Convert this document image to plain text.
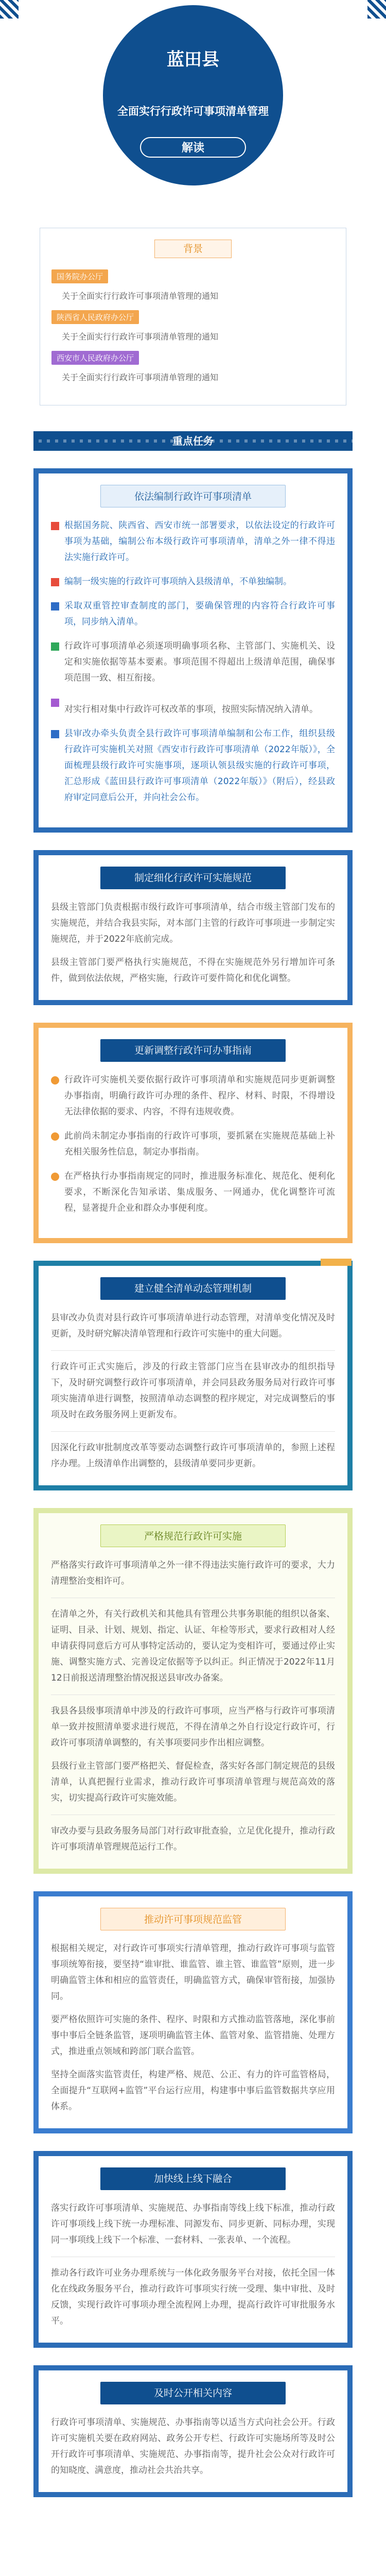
蓝田县
全面实行行政许可事项清单管理
解读
背景
国务院办公厅
关于全面实行行政许可事项清单管理的通知
陕西省人民政府办公厅
关于全面实行行政许可事项清单管理的通知
西安市人民政府办公厅
关于全面实行行政许可事项清单管理的通知
重点任务
依法编制行政许可事项清单
根据国务院、陕西省、西安市统一部署要求，以依法设定的行政许可事项为基础，编制公布本级行政许可事项清单，清单之外一律不得违法实施行政许可。
编制一级实施的行政许可事项纳入县级清单，不单独编制。
采取双重管控审查制度的部门，要确保管理的内容符合行政许可事项，同步纳入清单。
行政许可事项清单必须逐项明确事项名称、主管部门、实施机关、设定和实施依据等基本要素。事项范围不得超出上级清单范围，确保事项范围一致、相互衔接。
对实行相对集中行政许可权改革的事项，按照实际情况纳入清单。
县审改办牵头负责全县行政许可事项清单编制和公布工作，组织县级行政许可实施机关对照《西安市行政许可事项清单（2022年版）》，全面梳理县级行政许可实施事项，逐项认领县级实施的行政许可事项，汇总形成《蓝田县行政许可事项清单（2022年版）》（附后），经县政府审定同意后公开，并向社会公布。
制定细化行政许可实施规范
县级主管部门负责根据市级行政许可事项清单，结合市级主管部门发布的实施规范，并结合我县实际，对本部门主管的行政许可事项进一步制定实施规范，并于2022年底前完成。
县级主管部门要严格执行实施规范，不得在实施规范外另行增加许可条件，做到依法依规，严格实施，行政许可要件简化和优化调整。
更新调整行政许可办事指南
行政许可实施机关要依据行政许可事项清单和实施规范同步更新调整办事指南，明确行政许可办理的条件、程序、材料、时限，不得增设无法律依据的要求、内容，不得有违规收费。
此前尚未制定办事指南的行政许可事项，要抓紧在实施规范基础上补充相关服务性信息，制定办事指南。
在严格执行办事指南规定的同时，推进服务标准化、规范化、便利化要求，不断深化告知承诺、集成服务、一网通办，优化调整许可流程，显著提升企业和群众办事便利度。
建立健全清单动态管理机制
县审改办负责对县行政许可事项清单进行动态管理，对清单变化情况及时更新，及时研究解决清单管理和行政许可实施中的重大问题。
行政许可正式实施后，涉及的行政主管部门应当在县审改办的组织指导下，及时研究调整行政许可事项清单，并会同县政务服务局对行政许可事项实施清单进行调整，按照清单动态调整的程序规定，对完成调整后的事项及时在政务服务网上更新发布。
因深化行政审批制度改革等要动态调整行政许可事项清单的，参照上述程序办理。上级清单作出调整的，县级清单要同步更新。
严格规范行政许可实施
严格落实行政许可事项清单之外一律不得违法实施行政许可的要求，大力清理整治变相许可。
在清单之外，有关行政机关和其他具有管理公共事务职能的组织以备案、证明、目录、计划、规划、指定、认证、年检等形式，要求行政相对人经申请获得同意后方可从事特定活动的，要认定为变相许可，要通过停止实施、调整实施方式、完善设定依据等予以纠正。纠正情况于2022年11月12日前报送清理整治情况报送县审改办备案。
我县各县级事项清单中涉及的行政许可事项，应当严格与行政许可事项清单一致并按照清单要求进行规范，不得在清单之外自行设定行政许可，行政许可事项清单调整的，有关事项要同步作出相应调整。
县级行业主管部门要严格把关、督促检查，落实好各部门制定规范的县级清单，认真把握行业需求，推动行政许可事项清单管理与规范高效的落实，切实提高行政许可实施效能。
审改办要与县政务服务局部门对行政审批查验，立足优化提升，推动行政许可事项清单管理规范运行工作。
推动许可事项规范监管
根据相关规定，对行政许可事项实行清单管理，推动行政许可事项与监管事项统筹衔接，要坚持“谁审批、谁监管、谁主管、谁监管”原则，进一步明确监管主体和相应的监管责任，明确监管方式，确保审管衔接，加强协同。
要严格依照许可实施的条件、程序、时限和方式推动监管落地，深化事前事中事后全链条监管，逐项明确监管主体、监管对象、监管措施、处理方式，推进重点领域和跨部门联合监管。
坚持全面落实监管责任，构建严格、规范、公正、有力的许可监管格局，全面提升“互联网+监管”平台运行应用，构建事中事后监管数据共享应用体系。
加快线上线下融合
落实行政许可事项清单、实施规范、办事指南等线上线下标准，推动行政许可事项线上线下统一办理标准、同源发布、同步更新、同标办理，实现同一事项线上线下一个标准、一套材料、一张表单、一个流程。
推动各行政许可业务办理系统与一体化政务服务平台对接，依托全国一体化在线政务服务平台，推动行政许可事项实行统一受理、集中审批、及时反馈，实现行政许可事项办理全流程网上办理，提高行政许可审批服务水平。
及时公开相关内容
行政许可事项清单、实施规范、办事指南等以适当方式向社会公开。行政许可实施机关要在政府网站、政务公开专栏、行政许可实施场所等及时公开行政许可事项清单、实施规范、办事指南等，提升社会公众对行政许可的知晓度、满意度，推动社会共治共享。
